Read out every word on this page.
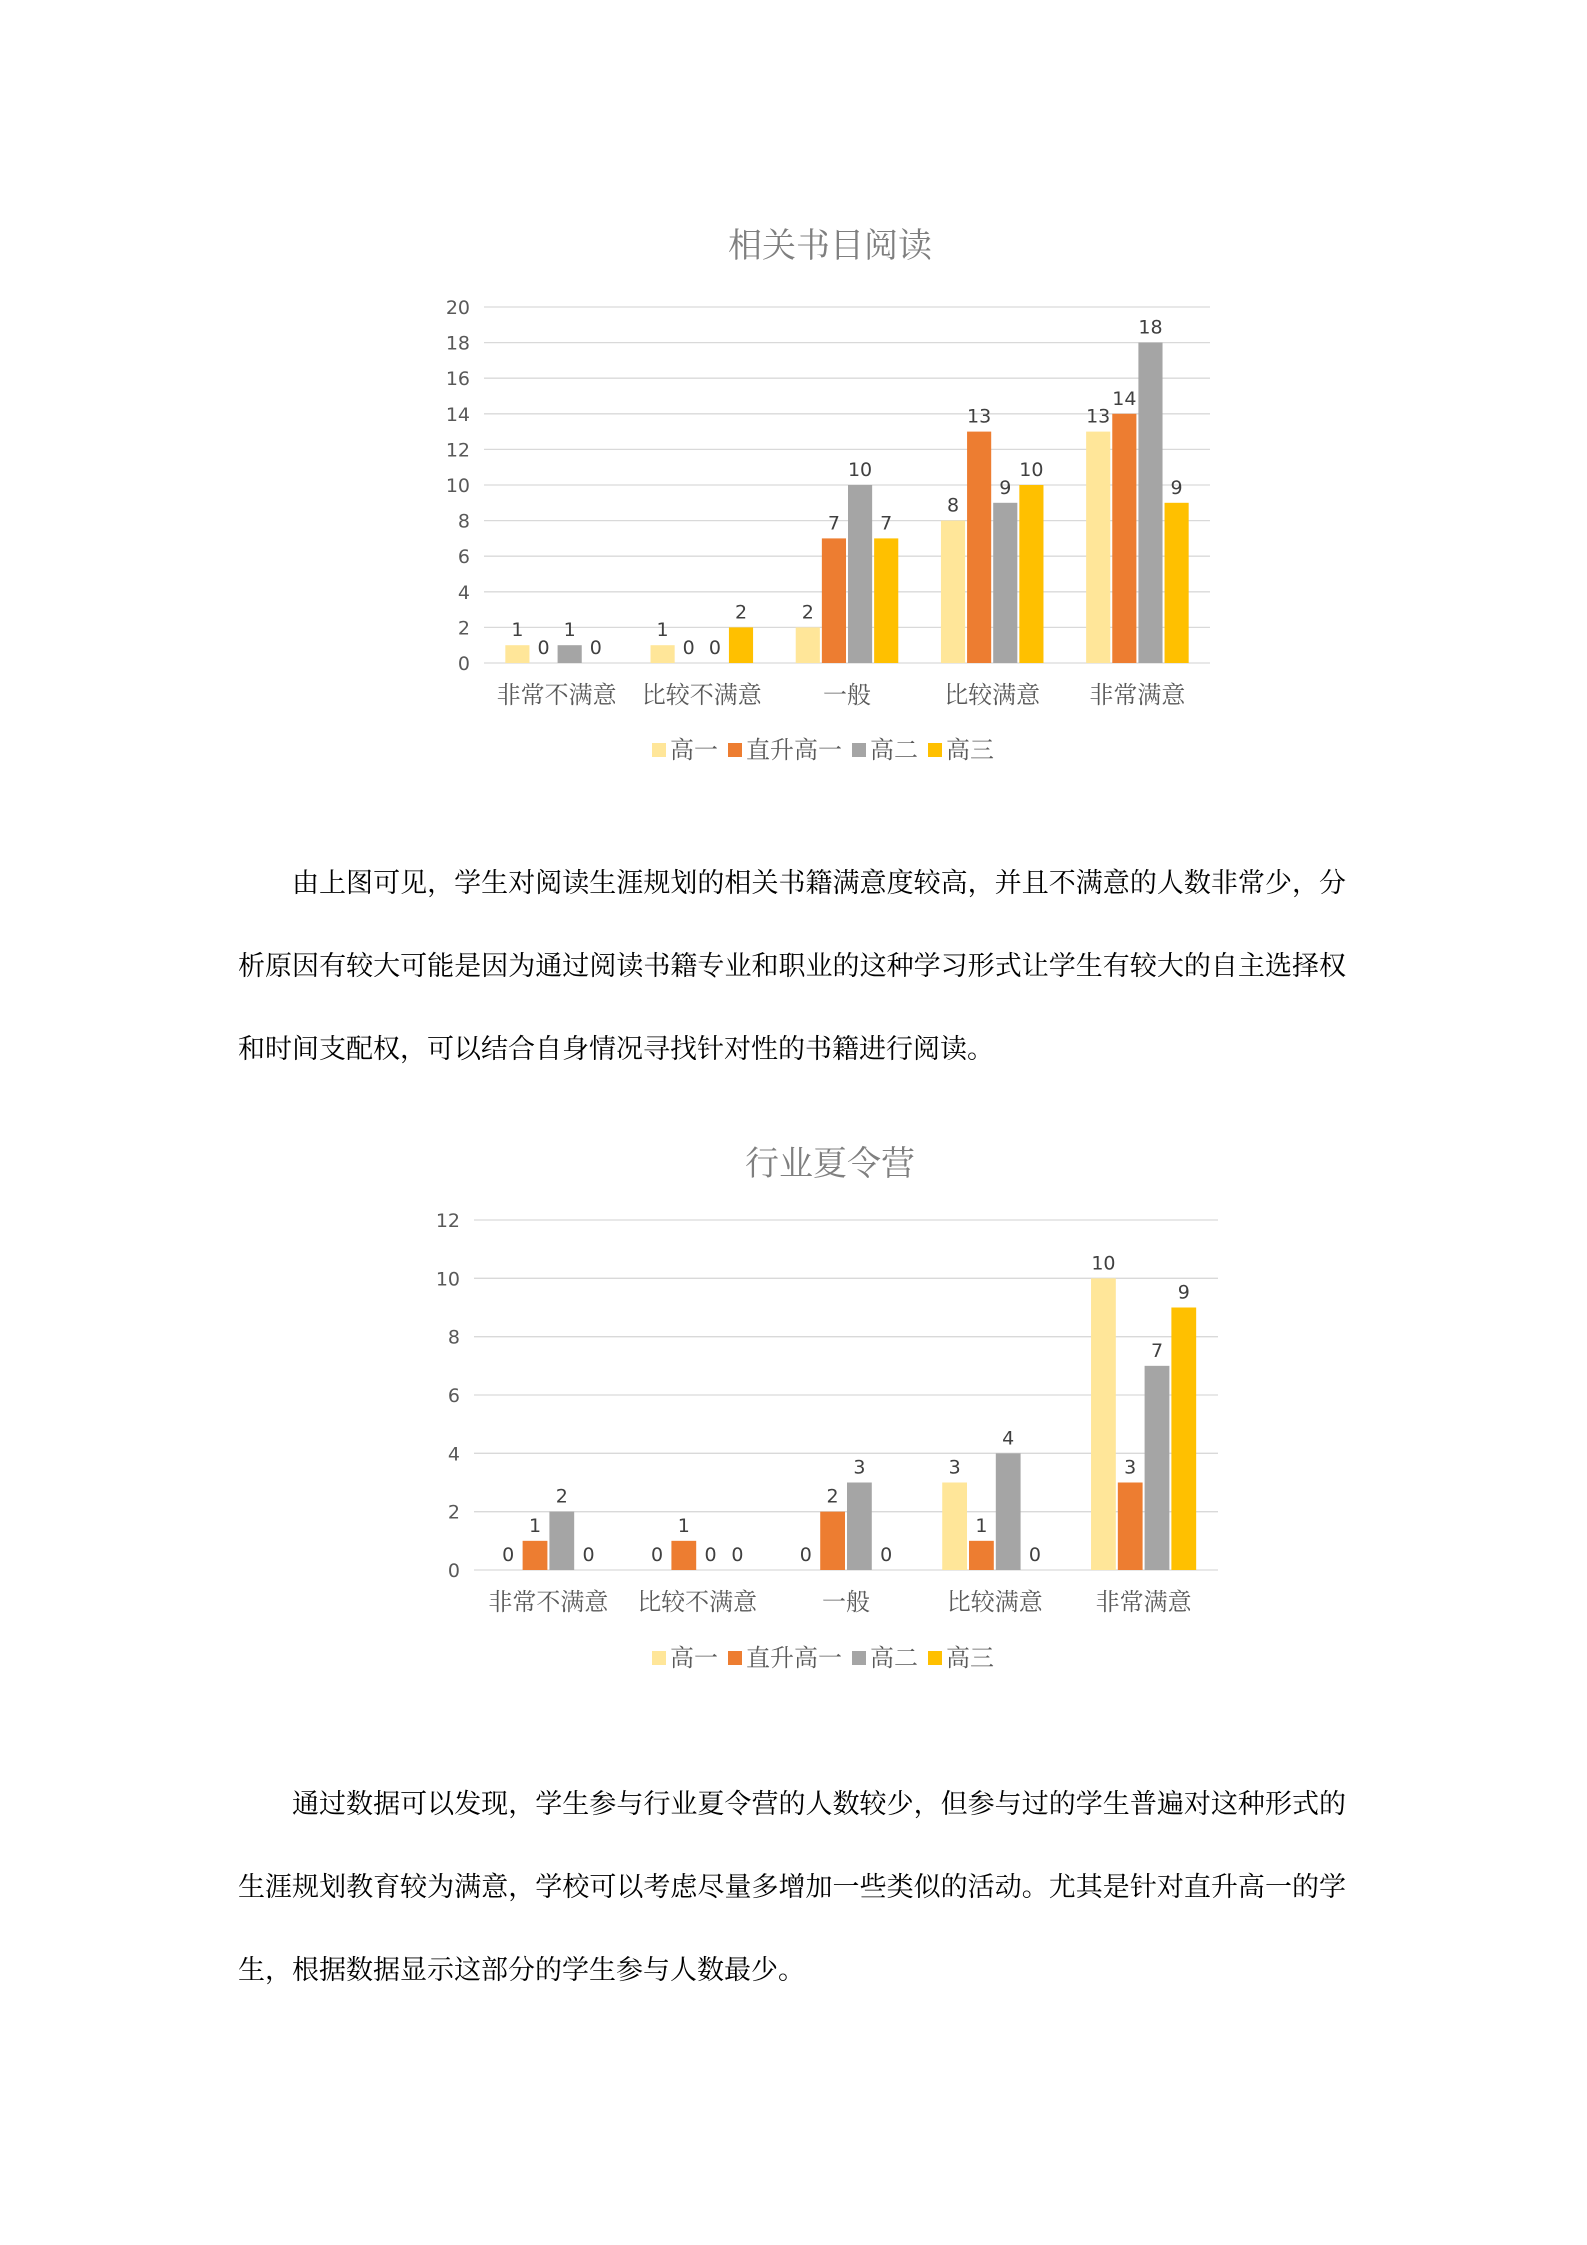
相关书目阅读
0
2
4
6
8
10
12
14
16
18
20
非常不满意
1
0
1
0
比较不满意
1
0 0
2
一般
2
7
10
7
比较满意
8
13
9
10
非常满意
13
14
18
9
高一 直升高一 高二 高三

由上图可见，学生对阅读生涯规划的相关书籍满意度较高，并且不满意的人数非常少，分析原因有较大可能是因为通过阅读书籍专业和职业的这种学习形式让学生有较大的自主选择权和时间支配权，可以结合自身情况寻找针对性的书籍进行阅读。

行业夏令营
0
2
4
6
8
10
12
非常不满意
0
1
2
0
比较不满意
0
1
0 0
一般
0
2
3
0
比较满意
3
1
4
0
非常满意
10
3
7
9
高一 直升高一 高二 高三

通过数据可以发现，学生参与行业夏令营的人数较少，但参与过的学生普遍对这种形式的生涯规划教育较为满意，学校可以考虑尽量多增加一些类似的活动。尤其是针对直升高一的学生，根据数据显示这部分的学生参与人数最少。
